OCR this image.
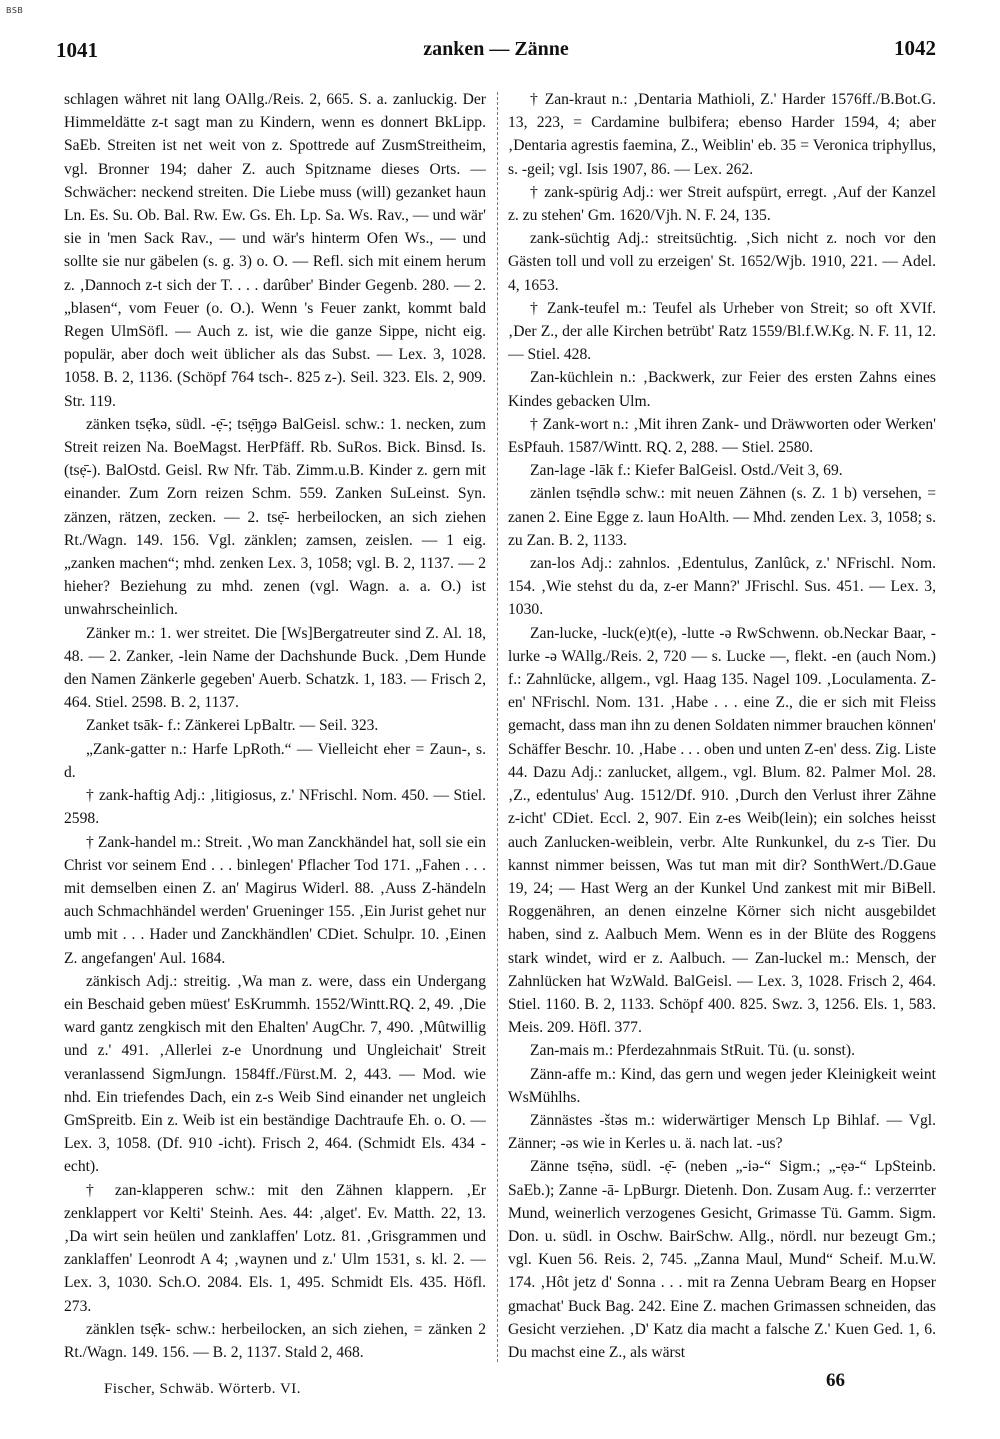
BSB
1041	zanken — Zänne	1042

schlagen währet nit lang OAllg./Reis. 2, 665. S. a. zanluckig. Der Himmeldätte z-t sagt man zu Kindern, wenn es donnert BkLipp. SaEb. Streiten ist net weit von z. Spottrede auf ZusmStreitheim, vgl. Bronner 194; daher Z. auch Spitzname dieses Orts. — Schwächer: neckend streiten. Die Liebe muss (will) gezanket haun Ln. Es. Su. Ob. Bal. Rw. Ew. Gs. Eh. Lp. Sa. Ws. Rav., — und wär' sie in 'men Sack Rav., — und wär's hinterm Ofen Ws., — und sollte sie nur gäbelen (s. g. 3) o. O. — Refl. sich mit einem herum z. ‚Dannoch z-t sich der T. . . . darûber' Binder Gegenb. 280. — 2. „blasen“, vom Feuer (o. O.). Wenn 's Feuer zankt, kommt bald Regen UlmSöfl. — Auch z. ist, wie die ganze Sippe, nicht eig. populär, aber doch weit üblicher als das Subst. — Lex. 3, 1028. 1058. B. 2, 1136. (Schöpf 764 tsch-. 825 z-). Seil. 323. Els. 2, 909. Str. 119.

zänken tsẹ̄kə, südl. -ẹ̄-; tsẹ̄ŋgə BalGeisl. schw.: 1. necken, zum Streit reizen Na. BoeMagst. HerPfäff. Rb. SuRos. Bick. Binsd. Is. (tsẹ̄-). BalOstd. Geisl. Rw Nfr. Täb. Zimm.u.B. Kinder z. gern mit einander. Zum Zorn reizen Schm. 559. Zanken SuLeinst. Syn. zänzen, rätzen, zecken. — 2. tsẹ̄- herbeilocken, an sich ziehen Rt./Wagn. 149. 156. Vgl. zänklen; zamsen, zeislen. — 1 eig. „zanken machen“; mhd. zenken Lex. 3, 1058; vgl. B. 2, 1137. — 2 hieher? Beziehung zu mhd. zenen (vgl. Wagn. a. a. O.) ist unwahrscheinlich.

Zänker m.: 1. wer streitet. Die [Ws]Bergatreuter sind Z. Al. 18, 48. — 2. Zanker, -lein Name der Dachshunde Buck. ‚Dem Hunde den Namen Zänkerle gegeben' Auerb. Schatzk. 1, 183. — Frisch 2, 464. Stiel. 2598. B. 2, 1137.

Zanket tsāk- f.: Zänkerei LpBaltr. — Seil. 323.

„Zank-gatter n.: Harfe LpRoth.“ — Vielleicht eher = Zaun-, s. d.

† zank-haftig Adj.: ‚litigiosus, z.' NFrischl. Nom. 450. — Stiel. 2598.

† Zank-handel m.: Streit. ‚Wo man Zanckhändel hat, soll sie ein Christ vor seinem End . . . binlegen' Pflacher Tod 171. „Fahen . . . mit demselben einen Z. an' Magirus Widerl. 88. ‚Auss Z-händeln auch Schmachhändel werden' Grueninger 155. ‚Ein Jurist gehet nur umb mit . . . Hader und Zanckhändlen' CDiet. Schulpr. 10. ‚Einen Z. angefangen' Aul. 1684.

zänkisch Adj.: streitig. ‚Wa man z. were, dass ein Undergang ein Beschaid geben müest' EsKrummh. 1552/Wintt.RQ. 2, 49. ‚Die ward gantz zengkisch mit den Ehalten' AugChr. 7, 490. ‚Mûtwillig und z.' 491. ‚Allerlei z-e Unordnung und Ungleichait' Streit veranlassend SigmJungn. 1584ff./Fürst.M. 2, 443. — Mod. wie nhd. Ein triefendes Dach, ein z-s Weib Sind einander net ungleich GmSpreitb. Ein z. Weib ist ein beständige Dachtraufe Eh. o. O. — Lex. 3, 1058. (Df. 910 -icht). Frisch 2, 464. (Schmidt Els. 434 -echt).

† zan-klapperen schw.: mit den Zähnen klappern. ‚Er zenklappert vor Kelti' Steinh. Aes. 44: ‚alget'. Ev. Matth. 22, 13. ‚Da wirt sein heülen und zanklaffen' Lotz. 81. ‚Grisgrammen und zanklaffen' Leonrodt A 4; ‚waynen und z.' Ulm 1531, s. kl. 2. — Lex. 3, 1030. Sch.O. 2084. Els. 1, 495. Schmidt Els. 435. Höfl. 273.

zänklen tsẹ̄k- schw.: herbeilocken, an sich ziehen, = zänken 2 Rt./Wagn. 149. 156. — B. 2, 1137. Stald 2, 468.

† Zan-kraut n.: ‚Dentaria Mathioli, Z.' Harder 1576ff./B.Bot.G. 13, 223, = Cardamine bulbifera; ebenso Harder 1594, 4; aber ‚Dentaria agrestis faemina, Z., Weiblin' eb. 35 = Veronica triphyllus, s. -geil; vgl. Isis 1907, 86. — Lex. 262.

† zank-spürig Adj.: wer Streit aufspürt, erregt. ‚Auf der Kanzel z. zu stehen' Gm. 1620/Vjh. N. F. 24, 135.

zank-süchtig Adj.: streitsüchtig. ‚Sich nicht z. noch vor den Gästen toll und voll zu erzeigen' St. 1652/Wjb. 1910, 221. — Adel. 4, 1653.

† Zank-teufel m.: Teufel als Urheber von Streit; so oft XVIf. ‚Der Z., der alle Kirchen betrübt' Ratz 1559/Bl.f.W.Kg. N. F. 11, 12. — Stiel. 428.

Zan-küchlein n.: ‚Backwerk, zur Feier des ersten Zahns eines Kindes gebacken Ulm.

† Zank-wort n.: ‚Mit ihren Zank- und Dräwworten oder Werken' EsPfauh. 1587/Wintt. RQ. 2, 288. — Stiel. 2580.

Zan-lage -lāk f.: Kiefer BalGeisl. Ostd./Veit 3, 69.

zänlen tsẹ̄ndlə schw.: mit neuen Zähnen (s. Z. 1 b) versehen, = zanen 2. Eine Egge z. laun HoAlth. — Mhd. zenden Lex. 3, 1058; s. zu Zan. B. 2, 1133.

zan-los Adj.: zahnlos. ‚Edentulus, Zanlûck, z.' NFrischl. Nom. 154. ‚Wie stehst du da, z-er Mann?' JFrischl. Sus. 451. — Lex. 3, 1030.

Zan-lucke, -luck(e)t(e), -lutte -ə RwSchwenn. ob.Neckar Baar, -lurke -ə WAllg./Reis. 2, 720 — s. Lucke —, flekt. -en (auch Nom.) f.: Zahnlücke, allgem., vgl. Haag 135. Nagel 109. ‚Loculamenta. Z-en' NFrischl. Nom. 131. ‚Habe . . . eine Z., die er sich mit Fleiss gemacht, dass man ihn zu denen Soldaten nimmer brauchen können' Schäffer Beschr. 10. ‚Habe . . . oben und unten Z-en' dess. Zig. Liste 44. Dazu Adj.: zanlucket, allgem., vgl. Blum. 82. Palmer Mol. 28. ‚Z., edentulus' Aug. 1512/Df. 910. ‚Durch den Verlust ihrer Zähne z-icht' CDiet. Eccl. 2, 907. Ein z-es Weib(lein); ein solches heisst auch Zanlucken-weiblein, verbr. Alte Runkunkel, du z-s Tier. Du kannst nimmer beissen, Was tut man mit dir? SonthWert./D.Gaue 19, 24; — Hast Werg an der Kunkel Und zankest mit mir BiBell. Roggenähren, an denen einzelne Körner sich nicht ausgebildet haben, sind z. Aalbuch Mem. Wenn es in der Blüte des Roggens stark windet, wird er z. Aalbuch. — Zan-luckel m.: Mensch, der Zahnlücken hat WzWald. BalGeisl. — Lex. 3, 1028. Frisch 2, 464. Stiel. 1160. B. 2, 1133. Schöpf 400. 825. Swz. 3, 1256. Els. 1, 583. Meis. 209. Höfl. 377.

Zan-mais m.: Pferdezahnmais StRuit. Tü. (u. sonst).

Zänn-affe m.: Kind, das gern und wegen jeder Kleinigkeit weint WsMühlhs.

Zännästes -štəs m.: widerwärtiger Mensch Lp Bihlaf. — Vgl. Zänner; -əs wie in Kerles u. ä. nach lat. -us?

Zänne tsẹ̄nə, südl. -ẹ̄- (neben „-iə-“ Sigm.; „-ẹə-“ LpSteinb. SaEb.); Zanne -ā- LpBurgr. Dietenh. Don. Zusam Aug. f.: verzerrter Mund, weinerlich verzogenes Gesicht, Grimasse Tü. Gamm. Sigm. Don. u. südl. in Oschw. BairSchw. Allg., nördl. nur bezeugt Gm.; vgl. Kuen 56. Reis. 2, 745. „Zanna Maul, Mund“ Scheif. M.u.W. 174. ‚Hôt jetz d' Sonna . . . mit ra Zenna Uebram Bearg en Hopser gmachat' Buck Bag. 242. Eine Z. machen Grimassen schneiden, das Gesicht verziehen. ‚D' Katz dia macht a falsche Z.' Kuen Ged. 1, 6. Du machst eine Z., als wärst

Fischer, Schwäb. Wörterb. VI.	66
